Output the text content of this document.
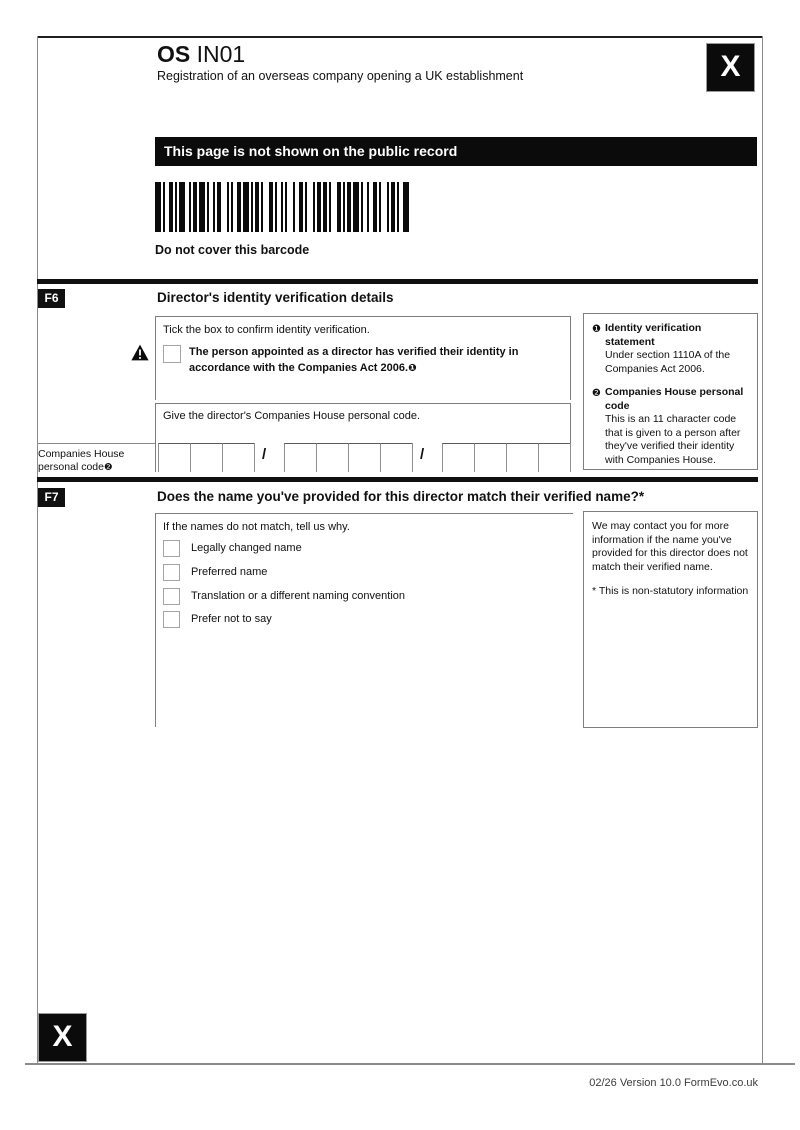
OS IN01
Registration of an overseas company opening a UK establishment	X
This page is not shown on the public record
Do not cover this barcode
F6	Director's identity verification details
Tick the box to confirm identity verification.
The person appointed as a director has verified their identity in accordance with the Companies Act 2006.❶
Give the director's Companies House personal code.
Companies House
personal code❷
/	/
❶ Identity verification statement
Under section 1110A of the Companies Act 2006.
❷ Companies House personal code
This is an 11 character code that is given to a person after they've verified their identity with Companies House.
F7	Does the name you've provided for this director match their verified name?*
If the names do not match, tell us why.
Legally changed name
Preferred name
Translation or a different naming convention
Prefer not to say
We may contact you for more information if the name you've provided for this director does not match their verified name.
* This is non-statutory information
X
02/26 Version 10.0 FormEvo.co.uk
